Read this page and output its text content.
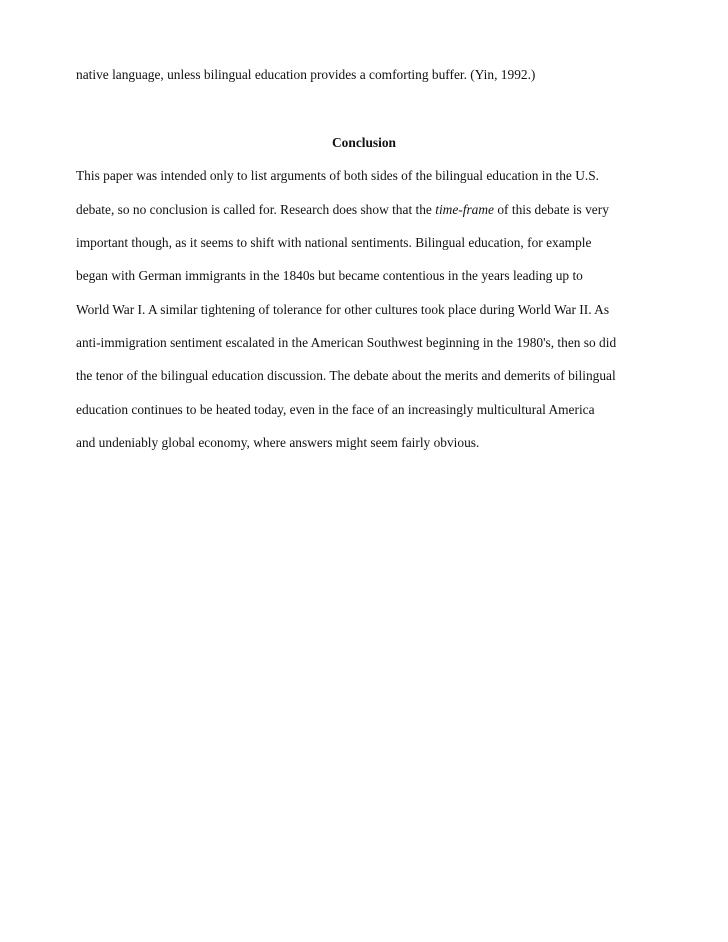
native language, unless bilingual education provides a comforting buffer. (Yin, 1992.)
Conclusion
This paper was intended only to list arguments of both sides of the bilingual education in the U.S.
debate, so no conclusion is called for. Research does show that the time-frame of this debate is very
important though, as it seems to shift with national sentiments. Bilingual education, for example
began with German immigrants in the 1840s but became contentious in the years leading up to
World War I. A similar tightening of tolerance for other cultures took place during World War II. As
anti-immigration sentiment escalated in the American Southwest beginning in the 1980's, then so did
the tenor of the bilingual education discussion. The debate about the merits and demerits of bilingual
education continues to be heated today, even in the face of an increasingly multicultural America
and undeniably global economy, where answers might seem fairly obvious.
